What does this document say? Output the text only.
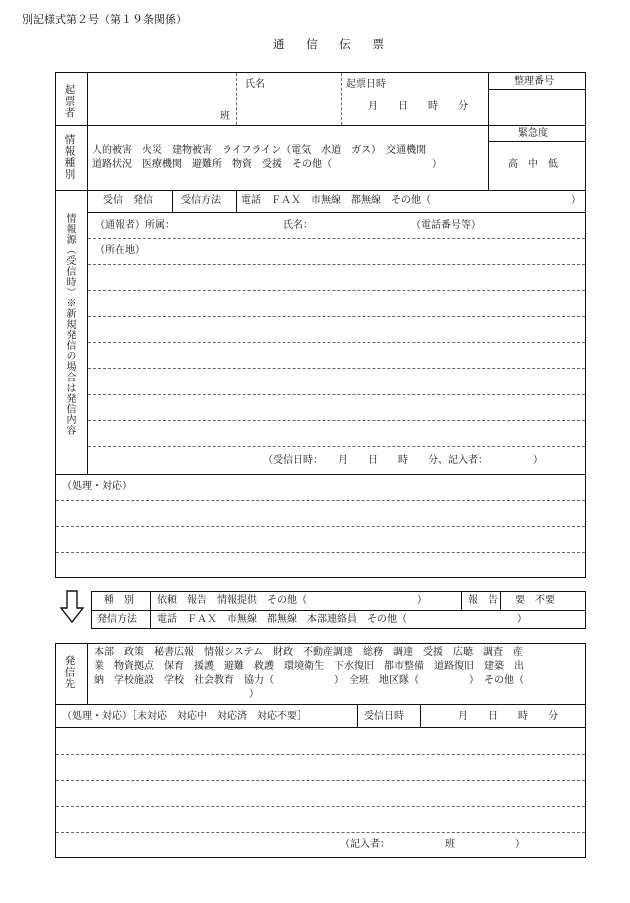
別記様式第２号（第１９条関係）
通 信 伝 票
起票者	班
氏名	起票日時
月　　日　　時　　分
整理番号
情報種別 人的被害　火災　建物被害　ライフライン（電気　水道　ガス）　交通機関
道路状況　医療機関　避難所　物資　受援　その他（　　　　　　　　　　）
緊急度
高　中　低
情報源（受信時）※新規発信の場合は発信内容
受信　発信	受信方法 電話　ＦＡＸ　市無線　都無線　その他（　　　　　　　　　　　　　　）
（通報者）所属：	氏名：	（電話番号等）
（所在地）
（受信日時：　　月　　日　　時　　分、記入者：　　　　　）
（処理・対応）
種　別 依頼　報告　情報提供　その他（　　　　　　　　　　　）	報　告 要　不要
発信方法 電話　ＦＡＸ　市無線　都無線　本部連絡員　その他（　　　　　　　　　　　）
発信先
本部　政策　秘書広報　情報システム　財政　不動産調達　総務　調達　受援　広聴　調査　産
業　物資拠点　保育　援護　避難　救護　環境衛生　下水復旧　都市整備　道路復旧　建築　出
納　学校施設　学校　社会教育　協力（　　　　　　）　全班　地区隊（　　　　　）　その他（
）
（処理・対応）［未対応　対応中　対応済　対応不要］	受信日時	月　　日　　時　　分
（記入者：　　　　　　班　　　　　　）
